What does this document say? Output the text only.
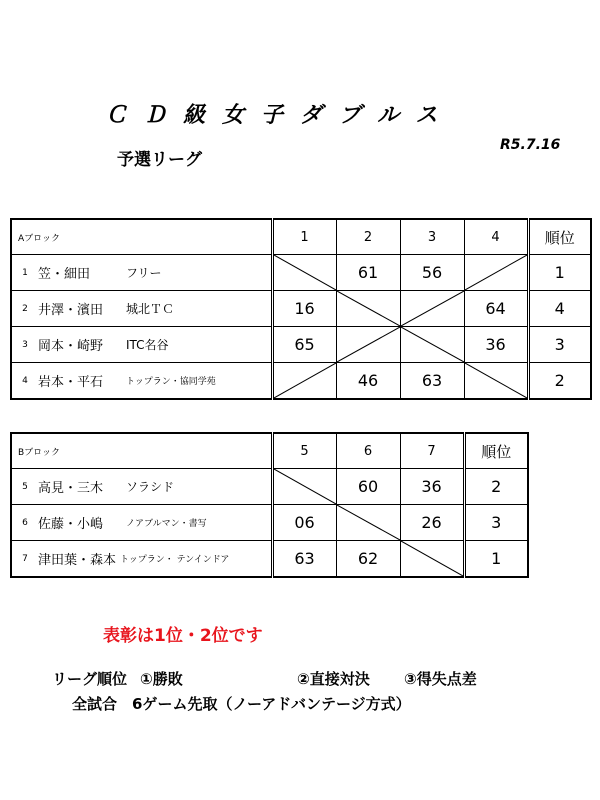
ＣＤ級女子ダブルス
予選リーグ
R5.7.16
Aブロック	1	2	3	4	順位

1 笠・細田 フリー		61	56		1

2 井澤・濱田 城北ＴＣ	16			64	4

3 岡本・崎野 ITC名谷	65			36	3

4 岩本・平石 トップラン・協同学苑		46	63		2
Bブロック	5	6	7	順位

5 高見・三木 ソラシド		60	36	2

6 佐藤・小嶋 ノアブルマン・書写	06		26	3

7 津田葉・森本 トップラン・ テンインドア	63	62		1
表彰は1位・2位です
リーグ順位 ①勝敗	②直接対決 ③得失点差
全試合　6ゲーム先取（ノーアドバンテージ方式）
